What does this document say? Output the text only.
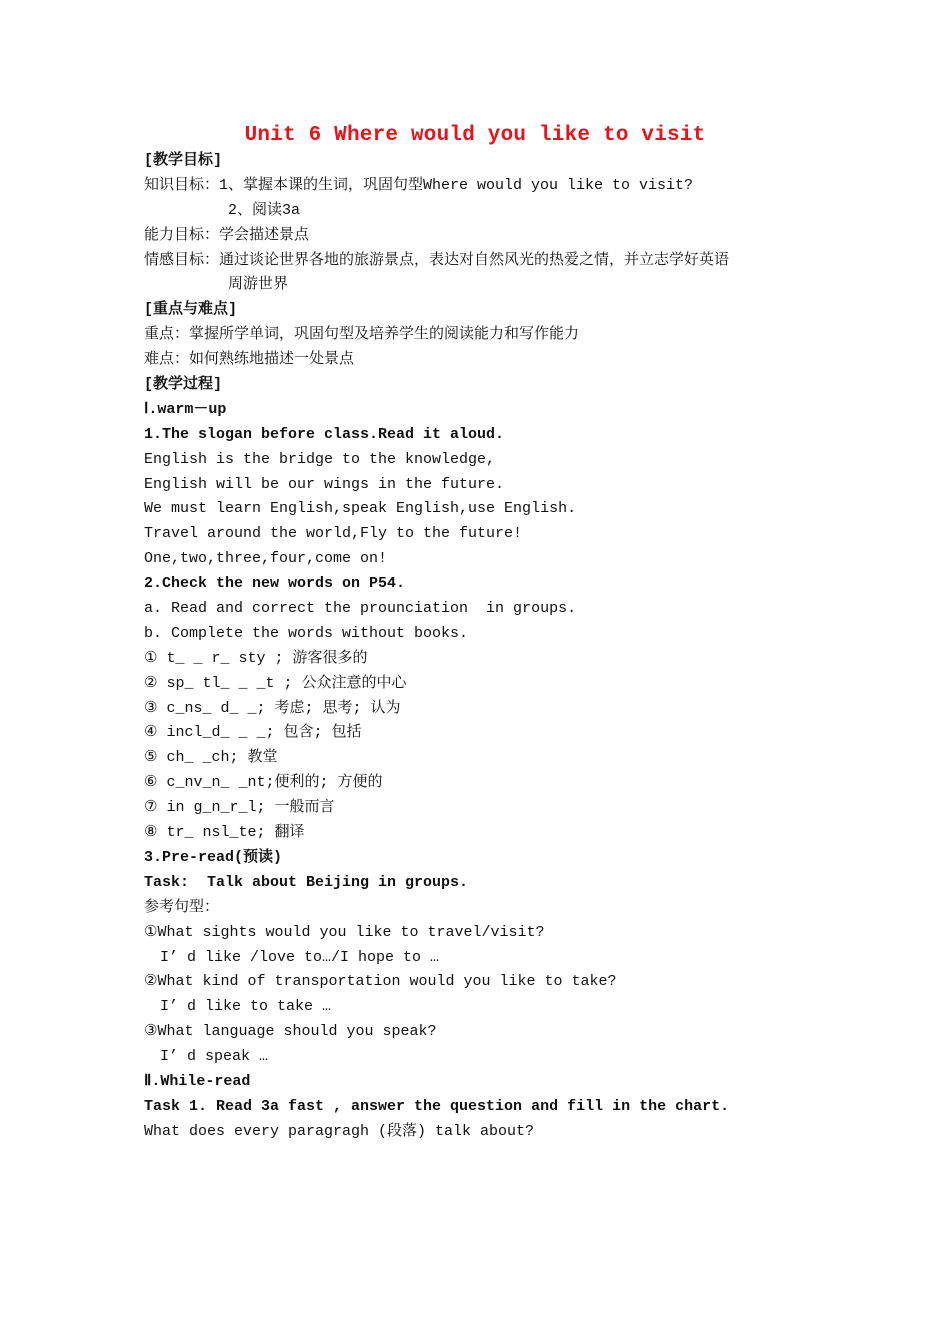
Unit 6 Where would you like to visit
[教学目标]
知识目标：1、掌握本课的生词，巩固句型Where would you like to visit?
2、阅读3a
能力目标：学会描述景点
情感目标：通过谈论世界各地的旅游景点，表达对自然风光的热爱之情，并立志学好英语
周游世界
[重点与难点]
重点：掌握所学单词，巩固句型及培养学生的阅读能力和写作能力
难点：如何熟练地描述一处景点
[教学过程]
Ⅰ.warm－up
1.The slogan before class.Read it aloud.
English is the bridge to the knowledge,
English will be our wings in the future.
We must learn English,speak English,use English.
Travel around the world,Fly to the future!
One,two,three,four,come on!
2.Check the new words on P54.
a. Read and correct the prounciation  in groups.
b. Complete the words without books.
① t_ _ r_ sty ; 游客很多的
② sp_ tl_ _ _t ; 公众注意的中心
③ c_ns_ d_ _; 考虑; 思考; 认为
④ incl_d_ _ _; 包含; 包括
⑤ ch_ _ch; 教堂
⑥ c_nv_n_ _nt;便利的; 方便的
⑦ in g_n_r_l; 一般而言
⑧ tr_ nsl_te; 翻译
3.Pre-read(预读)
Task:  Talk about Beijing in groups.
参考句型：
①What sights would you like to travel/visit?
I’ d like /love to…/I hope to …
②What kind of transportation would you like to take?
I’ d like to take …
③What language should you speak?
I’ d speak …
Ⅱ.While-read
Task 1. Read 3a fast , answer the question and fill in the chart.
What does every paragragh (段落) talk about?
